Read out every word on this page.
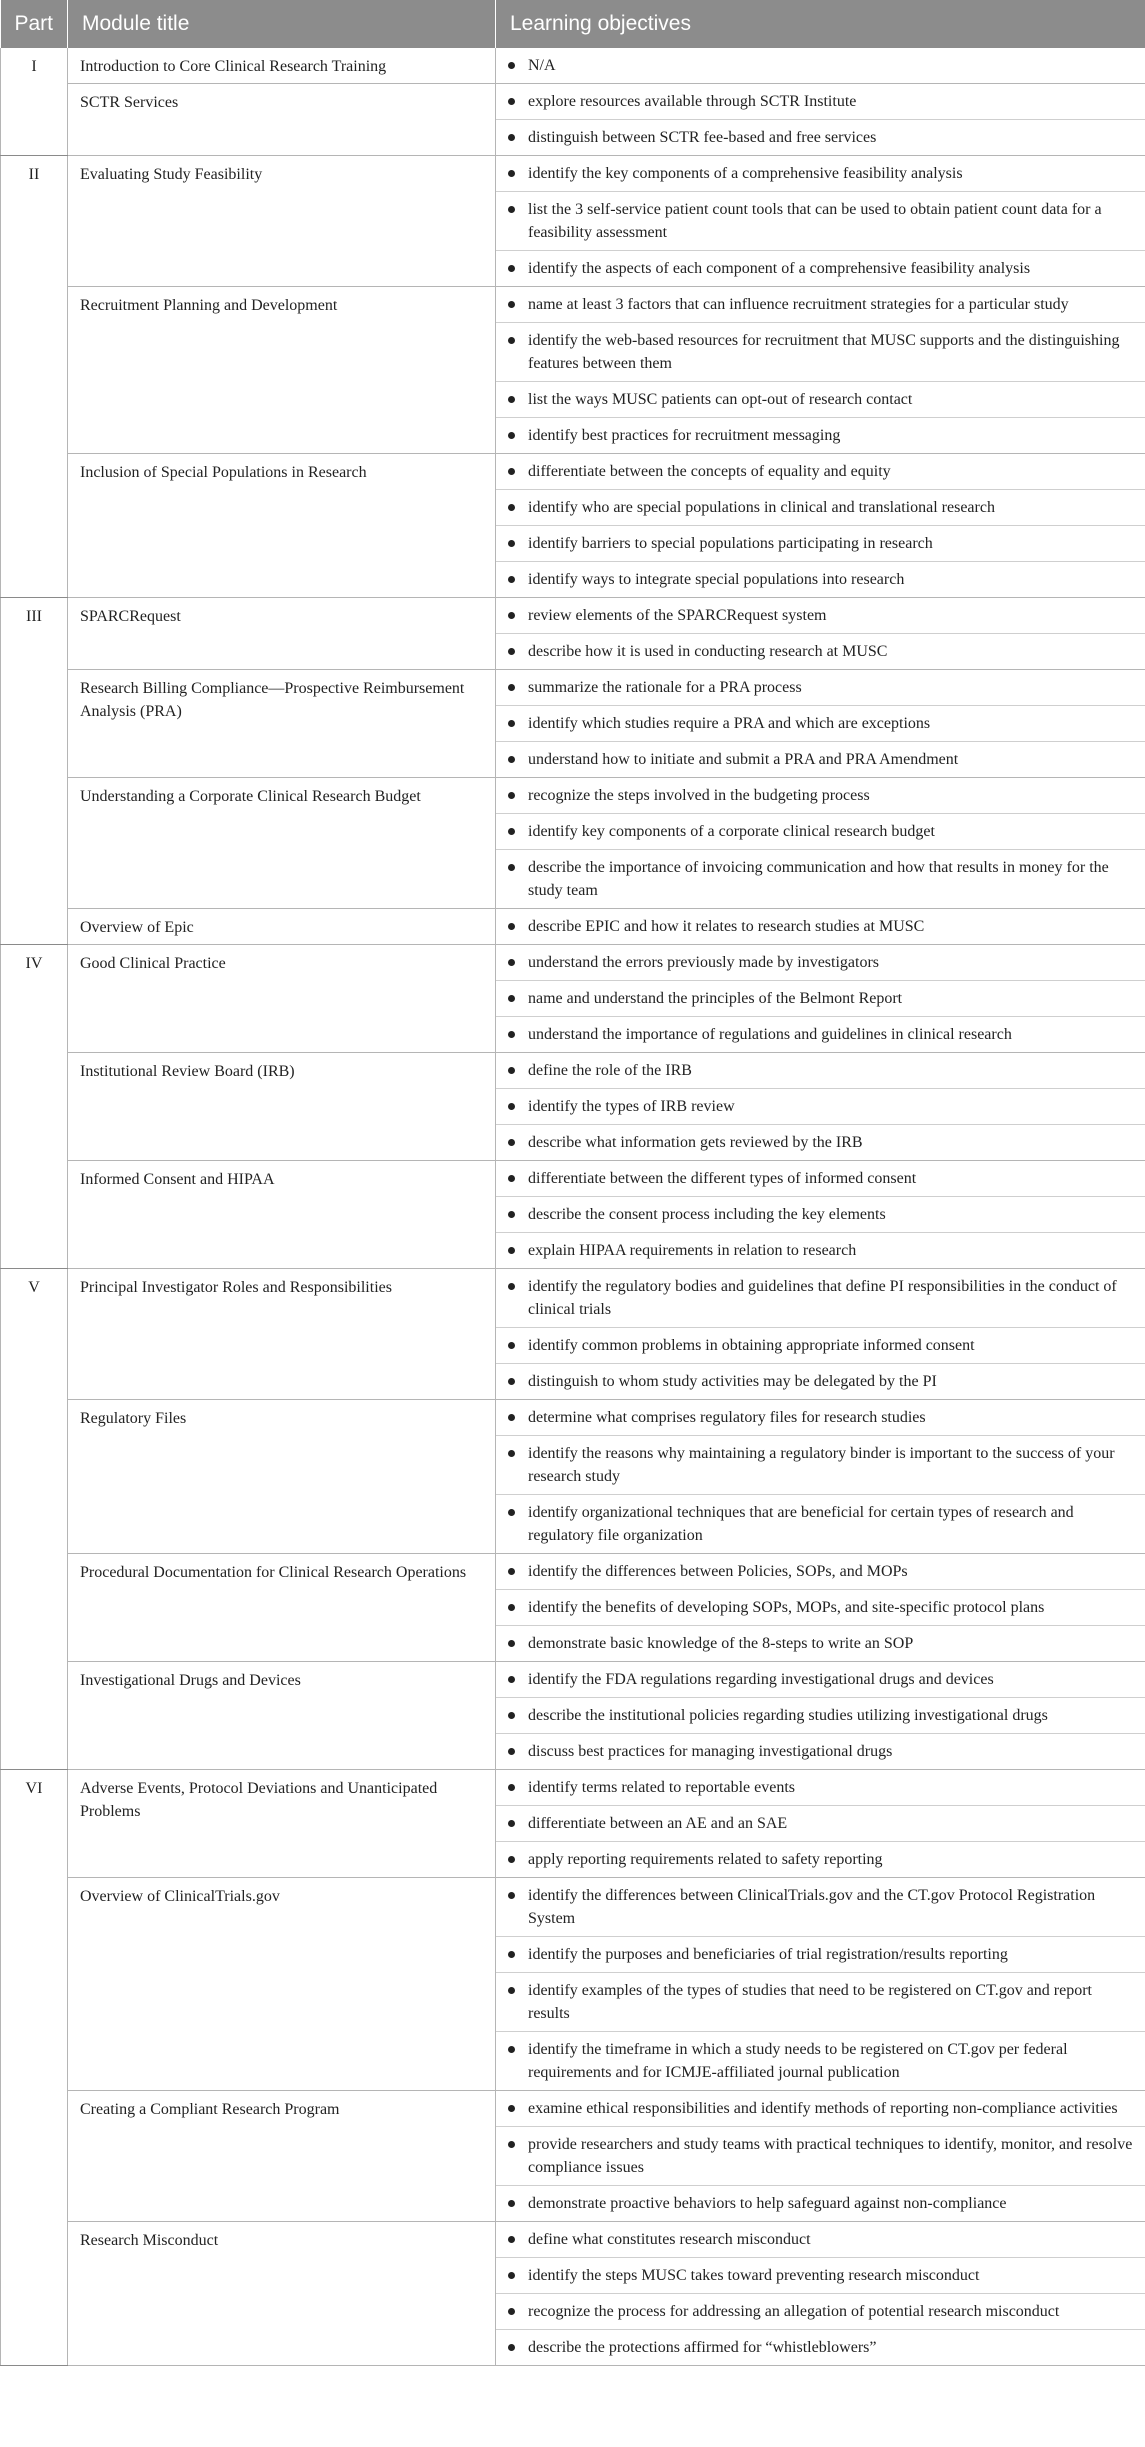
Part	Module title	Learning objectives
I	Introduction to Core Clinical Research Training	N/A
	SCTR Services	explore resources available through SCTR Institute
		distinguish between SCTR fee-based and free services
II	Evaluating Study Feasibility	identify the key components of a comprehensive feasibility analysis
		list the 3 self-service patient count tools that can be used to obtain patient count data for a feasibility assessment
		identify the aspects of each component of a comprehensive feasibility analysis
	Recruitment Planning and Development	name at least 3 factors that can influence recruitment strategies for a particular study
		identify the web-based resources for recruitment that MUSC supports and the distinguishing features between them
		list the ways MUSC patients can opt-out of research contact
		identify best practices for recruitment messaging
	Inclusion of Special Populations in Research	differentiate between the concepts of equality and equity
		identify who are special populations in clinical and translational research
		identify barriers to special populations participating in research
		identify ways to integrate special populations into research
III	SPARCRequest	review elements of the SPARCRequest system
		describe how it is used in conducting research at MUSC
	Research Billing Compliance—Prospective Reimbursement Analysis (PRA)	summarize the rationale for a PRA process
		identify which studies require a PRA and which are exceptions
		understand how to initiate and submit a PRA and PRA Amendment
	Understanding a Corporate Clinical Research Budget	recognize the steps involved in the budgeting process
		identify key components of a corporate clinical research budget
		describe the importance of invoicing communication and how that results in money for the study team
	Overview of Epic	describe EPIC and how it relates to research studies at MUSC
IV	Good Clinical Practice	understand the errors previously made by investigators
		name and understand the principles of the Belmont Report
		understand the importance of regulations and guidelines in clinical research
	Institutional Review Board (IRB)	define the role of the IRB
		identify the types of IRB review
		describe what information gets reviewed by the IRB
	Informed Consent and HIPAA	differentiate between the different types of informed consent
		describe the consent process including the key elements
		explain HIPAA requirements in relation to research
V	Principal Investigator Roles and Responsibilities	identify the regulatory bodies and guidelines that define PI responsibilities in the conduct of clinical trials
		identify common problems in obtaining appropriate informed consent
		distinguish to whom study activities may be delegated by the PI
	Regulatory Files	determine what comprises regulatory files for research studies
		identify the reasons why maintaining a regulatory binder is important to the success of your research study
		identify organizational techniques that are beneficial for certain types of research and regulatory file organization
	Procedural Documentation for Clinical Research Operations	identify the differences between Policies, SOPs, and MOPs
		identify the benefits of developing SOPs, MOPs, and site-specific protocol plans
		demonstrate basic knowledge of the 8-steps to write an SOP
	Investigational Drugs and Devices	identify the FDA regulations regarding investigational drugs and devices
		describe the institutional policies regarding studies utilizing investigational drugs
		discuss best practices for managing investigational drugs
VI	Adverse Events, Protocol Deviations and Unanticipated Problems	identify terms related to reportable events
		differentiate between an AE and an SAE
		apply reporting requirements related to safety reporting
	Overview of ClinicalTrials.gov	identify the differences between ClinicalTrials.gov and the CT.gov Protocol Registration System
		identify the purposes and beneficiaries of trial registration/results reporting
		identify examples of the types of studies that need to be registered on CT.gov and report results
		identify the timeframe in which a study needs to be registered on CT.gov per federal requirements and for ICMJE-affiliated journal publication
	Creating a Compliant Research Program	examine ethical responsibilities and identify methods of reporting non-compliance activities
		provide researchers and study teams with practical techniques to identify, monitor, and resolve compliance issues
		demonstrate proactive behaviors to help safeguard against non-compliance
	Research Misconduct	define what constitutes research misconduct
		identify the steps MUSC takes toward preventing research misconduct
		recognize the process for addressing an allegation of potential research misconduct
		describe the protections affirmed for “whistleblowers”
